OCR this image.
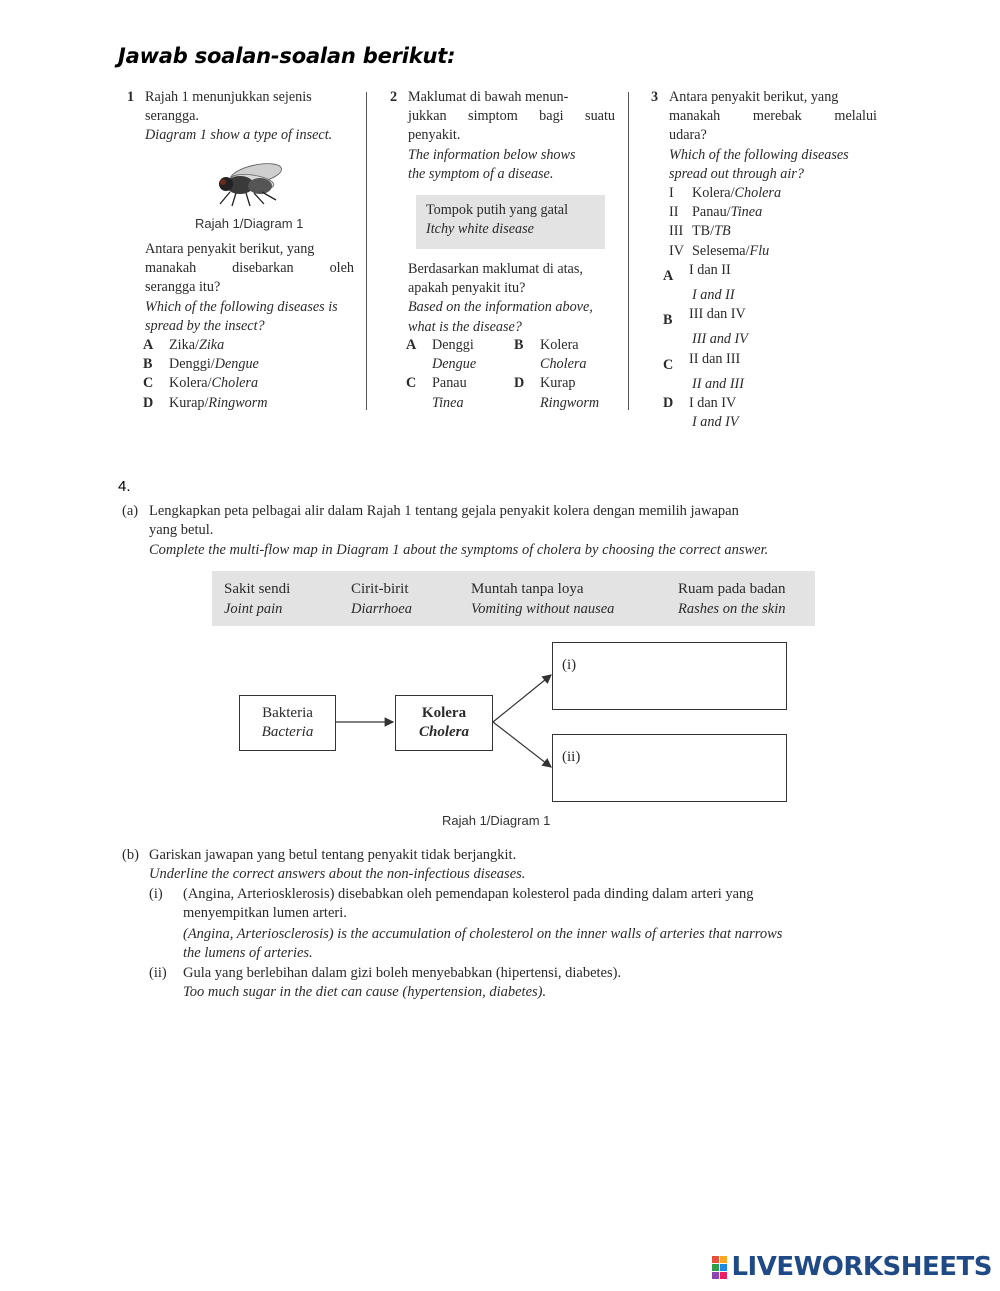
Jawab soalan-soalan berikut:

1 Rajah 1 menunjukkan sejenis

serangga.

Diagram 1 show a type of insect.

Rajah 1/Diagram 1

Antara penyakit berikut, yang

manakah disebarkan oleh

serangga itu?

Which of the following diseases is

spread by the insect?

A	Zika/ Zika

B	Denggi/ Dengue

C	Kolera/ Cholera

D	Kurap/ Ringworm

2 Maklumat di bawah menun-

jukkan simptom bagi suatu

penyakit.

The information below shows

the symptom of a disease.

Tompok putih yang gatal
Itchy white disease

Berdasarkan maklumat di atas,

apakah penyakit itu?

Based on the information above,

what is the disease?

A	Denggi

Dengue

B	Kolera

Cholera

C	Panau

Tinea

D	Kurap

Ringworm

3 Antara penyakit berikut, yang

manakah merebak melalui

udara?

Which of the following diseases

spread out through air?

I Kolera/Cholera

II Panau/Tinea

III TB/TB

IV Selesema/Flu

A	I dan II

I and II

B	III dan IV

III and IV

C	II dan III

II and III

D	I dan IV

I and IV

4.
(a) Lengkapkan peta pelbagai alir dalam Rajah 1 tentang gejala penyakit kolera dengan memilih jawapan
yang betul.
Complete the multi-flow map in Diagram 1 about the symptoms of cholera by choosing the correct answer.
Sakit sendi
Joint pain
Cirit-birit
Diarrhoea
Muntah tanpa loya
Vomiting without nausea
Ruam pada badan
Rashes on the skin
Bakteria
Bacteria
Kolera
Cholera
(i)
(ii)
Rajah 1/Diagram 1
(b) Gariskan jawapan yang betul tentang penyakit tidak berjangkit.
Underline the correct answers about the non-infectious diseases.
(i)	(Angina, Arteriosklerosis) disebabkan oleh pemendapan kolesterol pada dinding dalam arteri yang
menyempitkan lumen arteri.
(Angina, Arteriosclerosis) is the accumulation of cholesterol on the inner walls of arteries that narrows
the lumens of arteries.
(ii)	Gula yang berlebihan dalam gizi boleh menyebabkan (hipertensi, diabetes).
Too much sugar in the diet can cause (hypertension, diabetes).
LIVEWORKSHEETS
